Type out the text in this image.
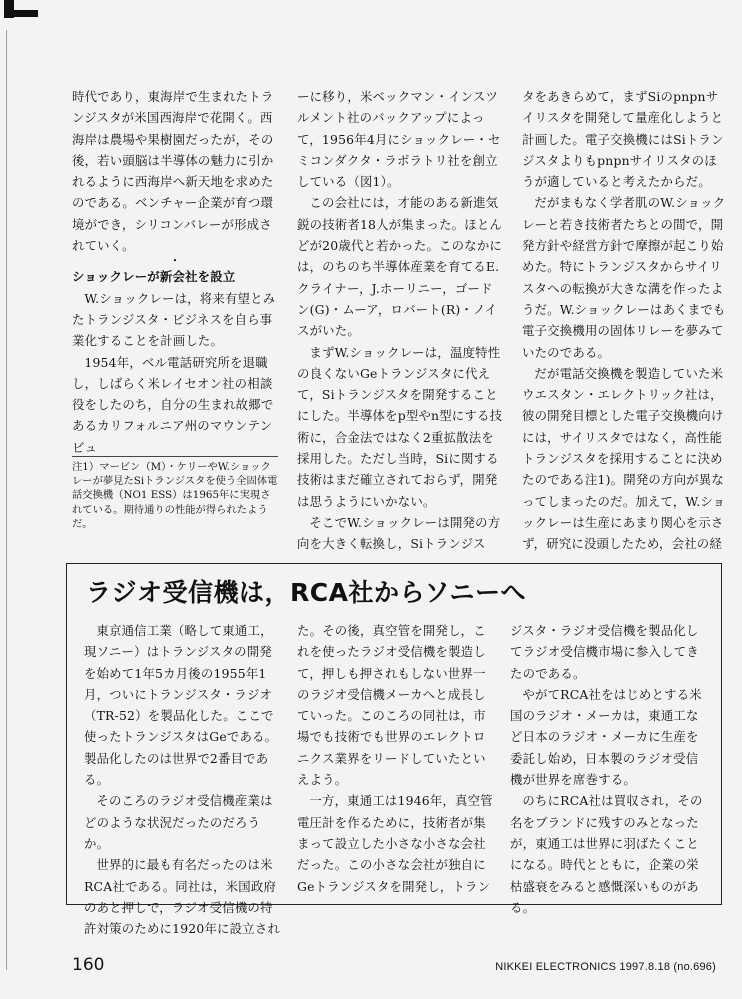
時代であり，東海岸で生まれたトランジスタが米国西海岸で花開く。西海岸は農場や果樹園だったが，その後，若い頭脳は半導体の魅力に引かれるように西海岸へ新天地を求めたのである。ベンチャー企業が育つ環境ができ，シリコンバレーが形成されていく。

・

ショックレーが新会社を設立

W.ショックレーは，将来有望とみたトランジスタ・ビジネスを自ら事業化することを計画した。

1954年，ベル電話研究所を退職し，しばらく米レイセオン社の相談役をしたのち，自分の生まれ故郷であるカリフォルニア州のマウンテンビュ

ーに移り，米ベックマン・インスツルメント社のバックアップによって，1956年4月にショックレー・セミコンダクタ・ラボラトリ社を創立している（図1）。

この会社には，才能のある新進気鋭の技術者18人が集まった。ほとんどが20歳代と若かった。このなかには，のちのち半導体産業を育てるE.クライナー，J.ホーリニー，ゴードン(G)・ムーア，ロバート(R)・ノイスがいた。

まずW.ショックレーは，温度特性の良くないGeトランジスタに代えて，Siトランジスタを開発することにした。半導体をp型やn型にする技術に，合金法ではなく2重拡散法を採用した。ただし当時，Siに関する技術はまだ確立されておらず，開発は思うようにいかない。

そこでW.ショックレーは開発の方向を大きく転換し，Siトランジス

タをあきらめて，まずSiのpnpnサイリスタを開発して量産化しようと計画した。電子交換機にはSiトランジスタよりもpnpnサイリスタのほうが適していると考えたからだ。

だがまもなく学者肌のW.ショックレーと若き技術者たちとの間で，開発方針や経営方針で摩擦が起こり始めた。特にトランジスタからサイリスタへの転換が大きな溝を作ったようだ。W.ショックレーはあくまでも電子交換機用の固体リレーを夢みていたのである。

だが電話交換機を製造していた米ウエスタン・エレクトリック社は，彼の開発目標とした電子交換機向けには，サイリスタではなく，高性能トランジスタを採用することに決めたのである注1)。開発の方向が異なってしまったのだ。加えて，W.ショックレーは生産にあまり関心を示さず，研究に没頭したため，会社の経

注1）マービン（M）・ケリーやW.ショックレーが夢見たSiトランジスタを使う全固体電話交換機（NO1 ESS）は1965年に実現されている。期待通りの性能が得られたようだ。

ラジオ受信機は，RCA社からソニーへ

東京通信工業（略して東通工，現ソニー）はトランジスタの開発を始めて1年5カ月後の1955年1月，ついにトランジスタ・ラジオ（TR-52）を製品化した。ここで使ったトランジスタはGeである。製品化したのは世界で2番目である。

そのころのラジオ受信機産業はどのような状況だったのだろうか。

世界的に最も有名だったのは米RCA社である。同社は，米国政府のあと押しで，ラジオ受信機の特許対策のために1920年に設立され

た。その後，真空管を開発し，これを使ったラジオ受信機を製造して，押しも押されもしない世界一のラジオ受信機メーカへと成長していった。このころの同社は，市場でも技術でも世界のエレクトロニクス業界をリードしていたといえよう。

一方，東通工は1946年，真空管電圧計を作るために，技術者が集まって設立した小さな小さな会社だった。この小さな会社が独自にGeトランジスタを開発し，トラン

ジスタ・ラジオ受信機を製品化してラジオ受信機市場に参入してきたのである。

やがてRCA社をはじめとする米国のラジオ・メーカは，東通工など日本のラジオ・メーカに生産を委託し始め，日本製のラジオ受信機が世界を席巻する。

のちにRCA社は買収され，その名をブランドに残すのみとなったが，東通工は世界に羽ばたくことになる。時代とともに，企業の栄枯盛衰をみると感慨深いものがある。

160	NIKKEI ELECTRONICS 1997.8.18 (no.696)
